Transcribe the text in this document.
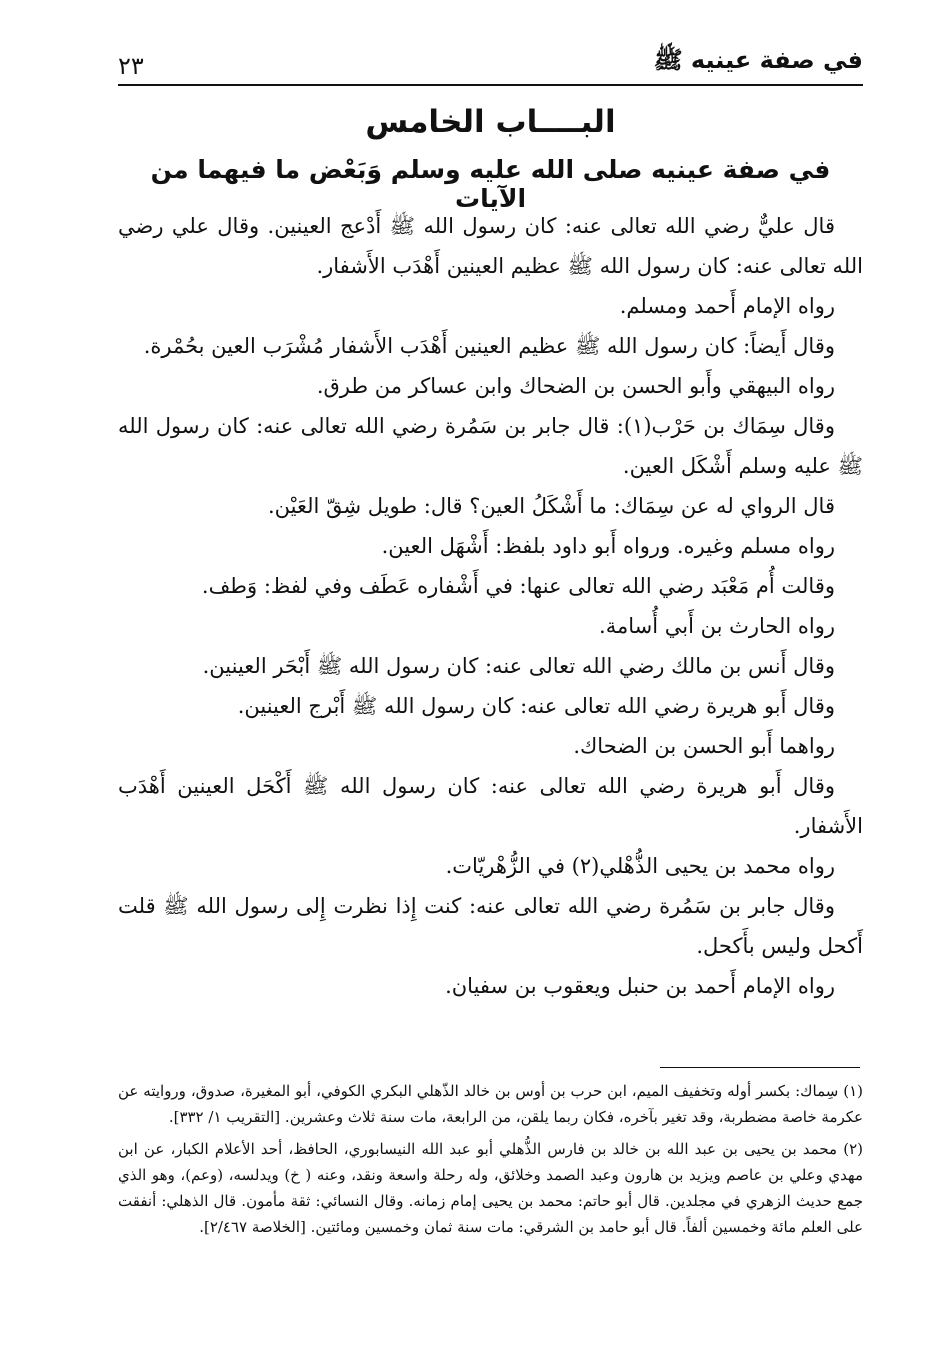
في صفة عينيه ﷺ
٢٣
البــــاب الخامس
في صفة عينيه صلى الله عليه وسلم وَبَعْض ما فيهما من الآيات

قال عليٌّ رضي الله تعالى عنه: كان رسول الله ﷺ أَدْعج العينين. وقال علي رضي الله تعالى عنه: كان رسول الله ﷺ عظيم العينين أَهْدَب الأَشفار.

رواه الإمام أَحمد ومسلم.

وقال أَيضاً: كان رسول الله ﷺ عظيم العينين أَهْدَب الأَشفار مُشْرَب العين بحُمْرة.

رواه البيهقي وأَبو الحسن بن الضحاك وابن عساكر من طرق.

وقال سِمَاك بن حَرْب(١): قال جابر بن سَمُرة رضي الله تعالى عنه: كان رسول الله ﷺ عليه وسلم أَشْكَل العين.

قال الرواي له عن سِمَاك: ما أَشْكَلُ العين؟ قال: طويل شِقّ العَيْن.

رواه مسلم وغيره. ورواه أَبو داود بلفظ: أَشْهَل العين.

وقالت أُم مَعْبَد رضي الله تعالى عنها: في أَشْفاره عَطَف وفي لفظ: وَطف.

رواه الحارث بن أَبي أُسامة.

وقال أَنس بن مالك رضي الله تعالى عنه: كان رسول الله ﷺ أَبْحَر العينين.

وقال أَبو هريرة رضي الله تعالى عنه: كان رسول الله ﷺ أَبْرج العينين.

رواهما أَبو الحسن بن الضحاك.

وقال أَبو هريرة رضي الله تعالى عنه: كان رسول الله ﷺ أَكْحَل العينين أَهْدَب الأَشفار.

رواه محمد بن يحيى الذُّهْلي(٢) في الزُّهْريّات.

وقال جابر بن سَمُرة رضي الله تعالى عنه: كنت إِذا نظرت إِلى رسول الله ﷺ قلت أَكحل وليس بأَكحل.

رواه الإمام أَحمد بن حنبل ويعقوب بن سفيان.

(١) سِماك: بكسر أوله وتخفيف الميم، ابن حرب بن أوس بن خالد الذّهلي البكري الكوفي، أبو المغيرة، صدوق، وروايته عن عكرمة خاصة مضطربة، وقد تغير بآخره، فكان ربما يلقن، من الرابعة، مات سنة ثلاث وعشرين. [التقريب ١/ ٣٣٢].

(٢) محمد بن يحيى بن عبد الله بن خالد بن فارس الذُّهلي أبو عبد الله النيسابوري، الحافظ، أحد الأعلام الكبار، عن ابن مهدي وعلي بن عاصم ويزيد بن هارون وعبد الصمد وخلائق، وله رحلة واسعة ونقد، وعنه ( خ) ويدلسه، (وعم)، وهو الذي جمع حديث الزهري في مجلدين. قال أبو حاتم: محمد بن يحيى إمام زمانه. وقال النسائي: ثقة مأمون. قال الذهلي: أنفقت على العلم مائة وخمسين ألفاً. قال أبو حامد بن الشرقي: مات سنة ثمان وخمسين ومائتين. [الخلاصة ٢/٤٦٧].
